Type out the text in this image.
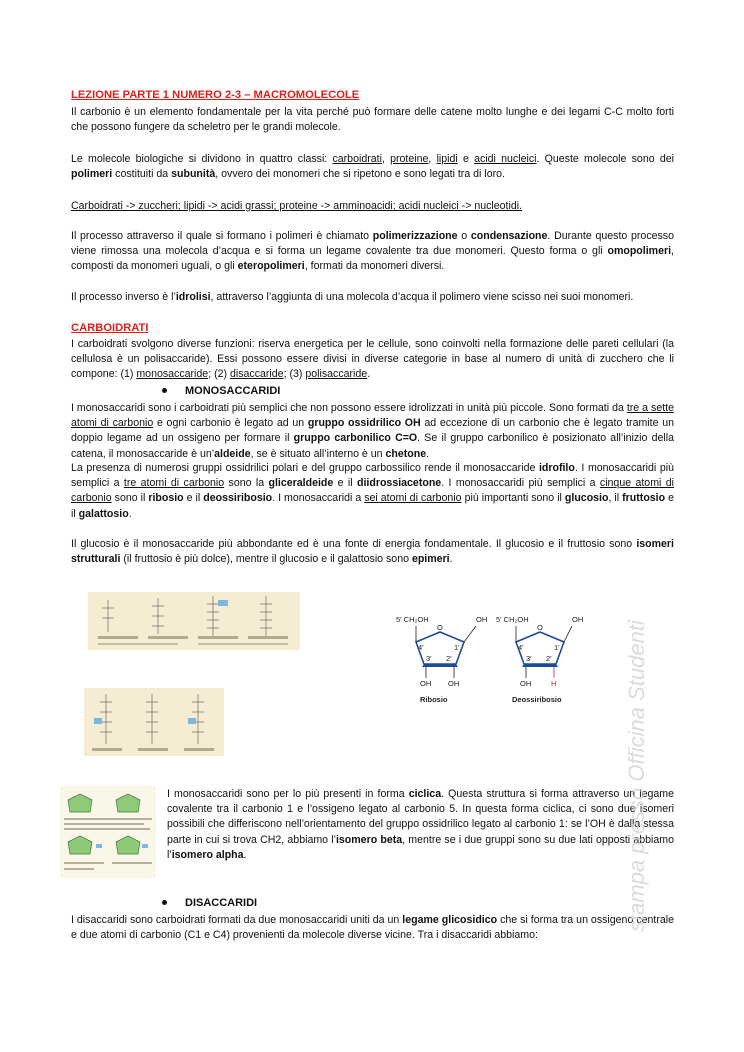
LEZIONE PARTE 1 NUMERO 2-3 – MACROMOLECOLE

Il carbonio è un elemento fondamentale per la vita perché può formare delle catene molto lunghe e dei legami C-C molto forti che possono fungere da scheletro per le grandi molecole.

Le molecole biologiche si dividono in quattro classi: carboidrati, proteine, lipidi e acidi nucleici. Queste molecole sono dei polimeri costituiti da subunità, ovvero dei monomeri che si ripetono e sono legati tra di loro.

Carboidrati -> zuccheri; lipidi -> acidi grassi; proteine -> amminoacidi; acidi nucleici -> nucleotidi.

Il processo attraverso il quale si formano i polimeri è chiamato polimerizzazione o condensazione. Durante questo processo viene rimossa una molecola d’acqua e si forma un legame covalente tra due monomeri. Questo forma o gli omopolimeri, composti da monomeri uguali, o gli eteropolimeri, formati da monomeri diversi.

Il processo inverso è l’idrolisi, attraverso l’aggiunta di una molecola d’acqua il polimero viene scisso nei suoi monomeri.

CARBOIDRATI

I carboidrati svolgono diverse funzioni: riserva energetica per le cellule, sono coinvolti nella formazione delle pareti cellulari (la cellulosa è un polisaccaride). Essi possono essere divisi in diverse categorie in base al numero di unità di zucchero che li compone: (1) monosaccaride; (2) disaccaride; (3) polisaccaride.

MONOSACCARIDI

I monosaccaridi sono i carboidrati più semplici che non possono essere idrolizzati in unità più piccole. Sono formati da tre a sette atomi di carbonio e ogni carbonio è legato ad un gruppo ossidrilico OH ad eccezione di un carbonio che è legato tramite un doppio legame ad un ossigeno per formare il gruppo carbonilico C=O. Se il gruppo carbonilico è posizionato all’inizio della catena, il monosaccaride è un’aldeide, se è situato all’interno è un chetone.

La presenza di numerosi gruppi ossidrilici polari e del gruppo carbossilico rende il monosaccaride idrofilo. I monosaccaridi più semplici a tre atomi di carbonio sono la gliceraldeide e il diidrossiacetone. I monosaccaridi più semplici a cinque atomi di carbonio sono il ribosio e il deossiribosio. I monosaccaridi a sei atomi di carbonio più importanti sono il glucosio, il fruttosio e il galattosio.

Il glucosio è il monosaccaride più abbondante ed è una fonte di energia fondamentale. Il glucosio e il fruttosio sono isomeri strutturali (il fruttosio è più dolce), mentre il glucosio e il galattosio sono epimeri.

O
5′ CH₂OH	OH
4′	1′
3′ 2′
OH OH
Ribosio
O
5′ CH₂OH	OH
4′	1′
3′ 2′
OH	H
Deossiribosio

I monosaccaridi sono per lo più presenti in forma ciclica. Questa struttura si forma attraverso un legame covalente tra il carbonio 1 e l’ossigeno legato al carbonio 5. In questa forma ciclica, ci sono due isomeri possibili che differiscono nell’orientamento del gruppo ossidrilico legato al carbonio 1: se l’OH è dalla stessa parte in cui si trova CH2, abbiamo l’isomero beta, mentre se i due gruppi sono su due lati opposti abbiamo l’isomero alpha.

DISACCARIDI

I disaccaridi sono carboidrati formati da due monosaccaridi uniti da un legame glicosidico che si forma tra un ossigeno centrale e due atomi di carbonio (C1 e C4) provenienti da molecole diverse vicine. Tra i disaccaridi abbiamo:

stampa presso Officina Studenti
